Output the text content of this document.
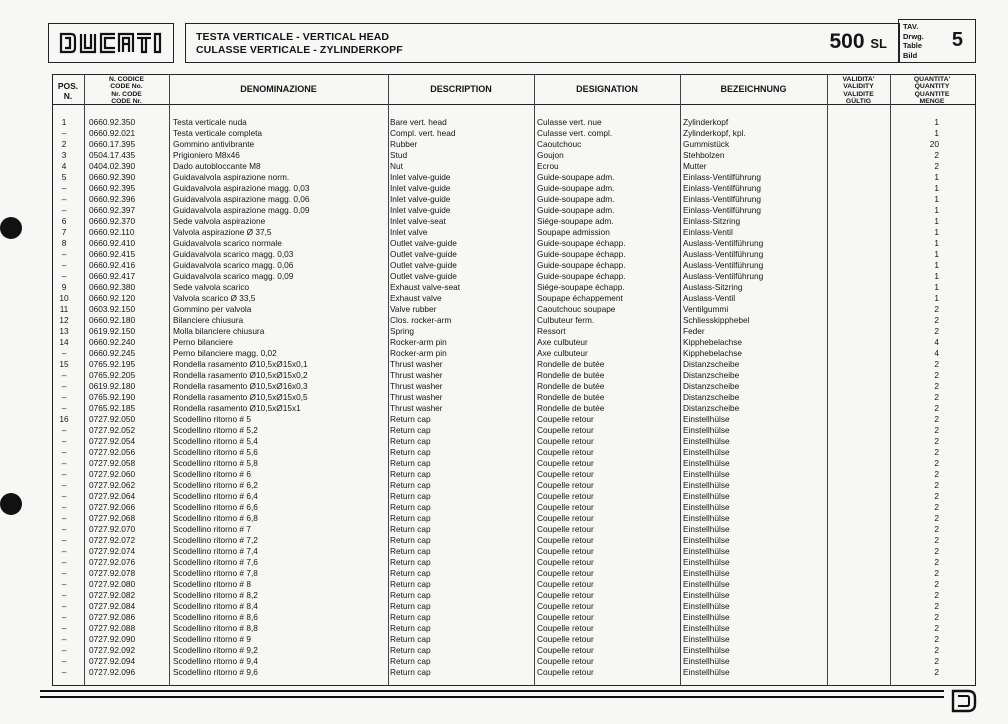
TESTA VERTICALE - VERTICAL HEAD
CULASSE VERTICALE - ZYLINDERKOPF	500 SL
TAV.
Drwg.
Table
Bild
5
POS.
N.
N. CODICE
CODE No.
Nr. CODE
CODE Nr.
DENOMINAZIONE	DESCRIPTION	DESIGNATION	BEZEICHNUNG
VALIDITA'
VALIDITY
VALIDITE
GÜLTIG
QUANTITA'
QUANTITY
QUANTITE
MENGE
1	0660.92.350	Testa verticale nuda	Bare vert. head	Culasse vert. nue	Zylinderkopf	1
–	0660.92.021	Testa verticale completa	Compl. vert. head	Culasse vert. compl.	Zylinderkopf, kpl.	1
2	0660.17.395	Gommino antivibrante	Rubber	Caoutchouc	Gummistück	20
3	0504.17.435	Prigioniero M8x46	Stud	Goujon	Stehbolzen	2
4	0404.02.390	Dado autobloccante M8	Nut	Ecrou	Mutter	2
5	0660.92.390	Guidavalvola aspirazione norm.	Inlet valve-guide	Guide-soupape adm.	Einlass-Ventilführung	1
–	0660.92.395	Guidavalvola aspirazione magg. 0,03	Inlet valve-guide	Guide-soupape adm.	Einlass-Ventilführung	1
–	0660.92.396	Guidavalvola aspirazione magg. 0,06	Inlet valve-guide	Guide-soupape adm.	Einlass-Ventilführung	1
–	0660.92.397	Guidavalvola aspirazione magg. 0,09	Inlet valve-guide	Guide-soupape adm.	Einlass-Ventilführung	1
6	0660.92.370	Sede valvola aspirazione	Inlet valve-seat	Siége-soupape adm.	Einlass-Sitzring	1
7	0660.92.110	Valvola aspirazione Ø 37,5	Inlet valve	Soupape admission	Einlass-Ventil	1
8	0660.92.410	Guidavalvola scarico normale	Outlet valve-guide	Guide-soupape échapp.	Auslass-Ventilführung	1
–	0660.92.415	Guidavalvola scarico magg. 0,03	Outlet valve-guide	Guide-soupape échapp.	Auslass-Ventilführung	1
–	0660.92.416	Guidavalvola scarico magg. 0,06	Outlet valve-guide	Guide-soupape échapp.	Auslass-Ventilführung	1
–	0660.92.417	Guidavalvola scarico magg. 0,09	Outlet valve-guide	Guide-soupape échapp.	Auslass-Ventilführung	1
9	0660.92.380	Sede valvola scarico	Exhaust valve-seat	Siége-soupape échapp.	Auslass-Sitzring	1
10	0660.92.120	Valvola scarico Ø 33,5	Exhaust valve	Soupape échappement	Auslass-Ventil	1
11	0603.92.150	Gommino per valvola	Valve rubber	Caoutchouc soupape	Ventilgummi	2
12	0660.92.180	Bilanciere chiusura	Clos. rocker-arm	Culbuteur ferm.	Schliesskipphebel	2
13	0619.92.150	Molla bilanciere chiusura	Spring	Ressort	Feder	2
14	0660.92.240	Perno bilanciere	Rocker-arm pin	Axe culbuteur	Kipphebelachse	4
–	0660.92.245	Perno bilanciere magg. 0,02	Rocker-arm pin	Axe culbuteur	Kipphebelachse	4
15	0765.92.195	Rondella rasamento Ø10,5xØ15x0,1	Thrust washer	Rondelle de butée	Distanzscheibe	2
–	0765.92.205	Rondella rasamento Ø10,5xØ15x0,2	Thrust washer	Rondelle de butée	Distanzscheibe	2
–	0619.92.180	Rondella rasamento Ø10,5xØ16x0,3	Thrust washer	Rondelle de butée	Distanzscheibe	2
–	0765.92.190	Rondella rasamento Ø10,5xØ15x0,5	Thrust washer	Rondelle de butée	Distanzscheibe	2
–	0765.92.185	Rondella rasamento Ø10,5xØ15x1	Thrust washer	Rondelle de butée	Distanzscheibe	2
16	0727.92.050	Scodellino ritorno # 5	Return cap	Coupelle retour	Einstellhülse	2
–	0727.92.052	Scodellino ritorno # 5,2	Return cap	Coupelle retour	Einstellhülse	2
–	0727.92.054	Scodellino ritorno # 5,4	Return cap	Coupelle retour	Einstellhülse	2
–	0727.92.056	Scodellino ritorno # 5,6	Return cap	Coupelle retour	Einstellhülse	2
–	0727.92.058	Scodellino ritorno # 5,8	Return cap	Coupelle retour	Einstellhülse	2
–	0727.92.060	Scodellino ritorno # 6	Return cap	Coupelle retour	Einstellhülse	2
–	0727.92.062	Scodellino ritorno # 6,2	Return cap	Coupelle retour	Einstellhülse	2
–	0727.92.064	Scodellino ritorno # 6,4	Return cap	Coupelle retour	Einstellhülse	2
–	0727.92.066	Scodellino ritorno # 6,6	Return cap	Coupelle retour	Einstellhülse	2
–	0727.92.068	Scodellino ritorno # 6,8	Return cap	Coupelle retour	Einstellhülse	2
–	0727.92.070	Scodellino ritorno # 7	Return cap	Coupelle retour	Einstellhülse	2
–	0727.92.072	Scodellino ritorno # 7,2	Return cap	Coupelle retour	Einstellhülse	2
–	0727.92.074	Scodellino ritorno # 7,4	Return cap	Coupelle retour	Einstellhülse	2
–	0727.92.076	Scodellino ritorno # 7,6	Return cap	Coupelle retour	Einstellhülse	2
–	0727.92.078	Scodellino ritorno # 7,8	Return cap	Coupelle retour	Einstellhülse	2
–	0727.92.080	Scodellino ritorno # 8	Return cap	Coupelle retour	Einstellhülse	2
–	0727.92.082	Scodellino ritorno # 8,2	Return cap	Coupelle retour	Einstellhülse	2
–	0727.92.084	Scodellino ritorno # 8,4	Return cap	Coupelle retour	Einstellhülse	2
–	0727.92.086	Scodellino ritorno # 8,6	Return cap	Coupelle retour	Einstellhülse	2
–	0727.92.088	Scodellino ritorno # 8,8	Return cap	Coupelle retour	Einstellhülse	2
–	0727.92.090	Scodellino ritorno # 9	Return cap	Coupelle retour	Einstellhülse	2
–	0727.92.092	Scodellino ritorno # 9,2	Return cap	Coupelle retour	Einstellhülse	2
–	0727.92.094	Scodellino ritorno # 9,4	Return cap	Coupelle retour	Einstellhülse	2
–	0727.92.096	Scodellino ritorno # 9,6	Return cap	Coupelle retour	Einstellhülse	2
